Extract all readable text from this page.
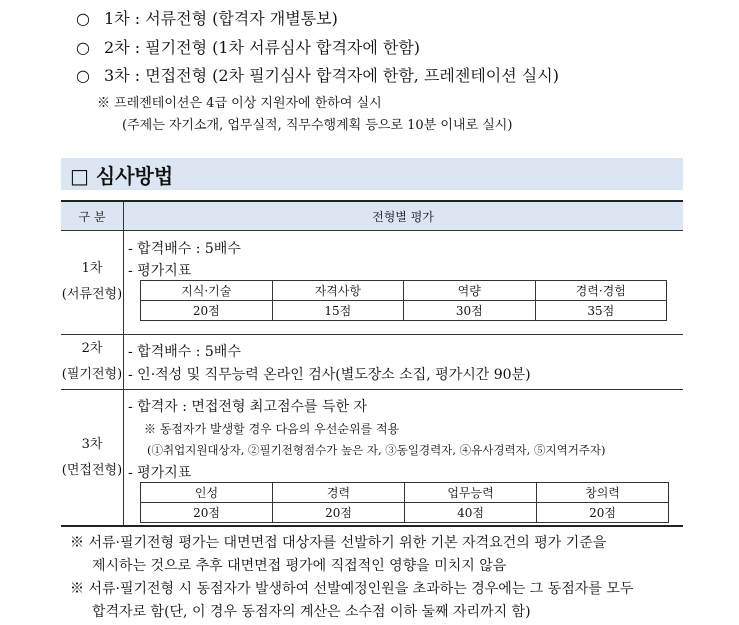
○ 1차 : 서류전형 (합격자 개별통보)
○ 2차 : 필기전형 (1차 서류심사 합격자에 한함)
○ 3차 : 면접전형 (2차 필기심사 합격자에 한함, 프레젠테이션 실시)
※ 프레젠테이션은 4급 이상 지원자에 한하여 실시
(주제는 자기소개, 업무실적, 직무수행계획 등으로 10분 이내로 실시)
□ 심사방법
구 분	전형별 평가
1차
(서류전형)
- 합격배수 : 5배수
- 평가지표
지식·기술	자격사항	역량	경력·경험
20점	15점	30점	35점
2차
(필기전형)
- 합격배수 : 5배수
- 인·적성 및 직무능력 온라인 검사(별도장소 소집, 평가시간 90분)
3차
(면접전형)
- 합격자 : 면접전형 최고점수를 득한 자
※ 동점자가 발생할 경우 다음의 우선순위를 적용
(①취업지원대상자, ②필기전형점수가 높은 자, ③동일경력자, ④유사경력자, ⑤지역거주자)
- 평가지표
인성	경력	업무능력	창의력
20점	20점	40점	20점
※ 서류·필기전형 평가는 대면면접 대상자를 선발하기 위한 기본 자격요건의 평가 기준을
제시하는 것으로 추후 대면면접 평가에 직접적인 영향을 미치지 않음
※ 서류·필기전형 시 동점자가 발생하여 선발예정인원을 초과하는 경우에는 그 동점자를 모두
합격자로 함(단, 이 경우 동점자의 계산은 소수점 이하 둘째 자리까지 함)
